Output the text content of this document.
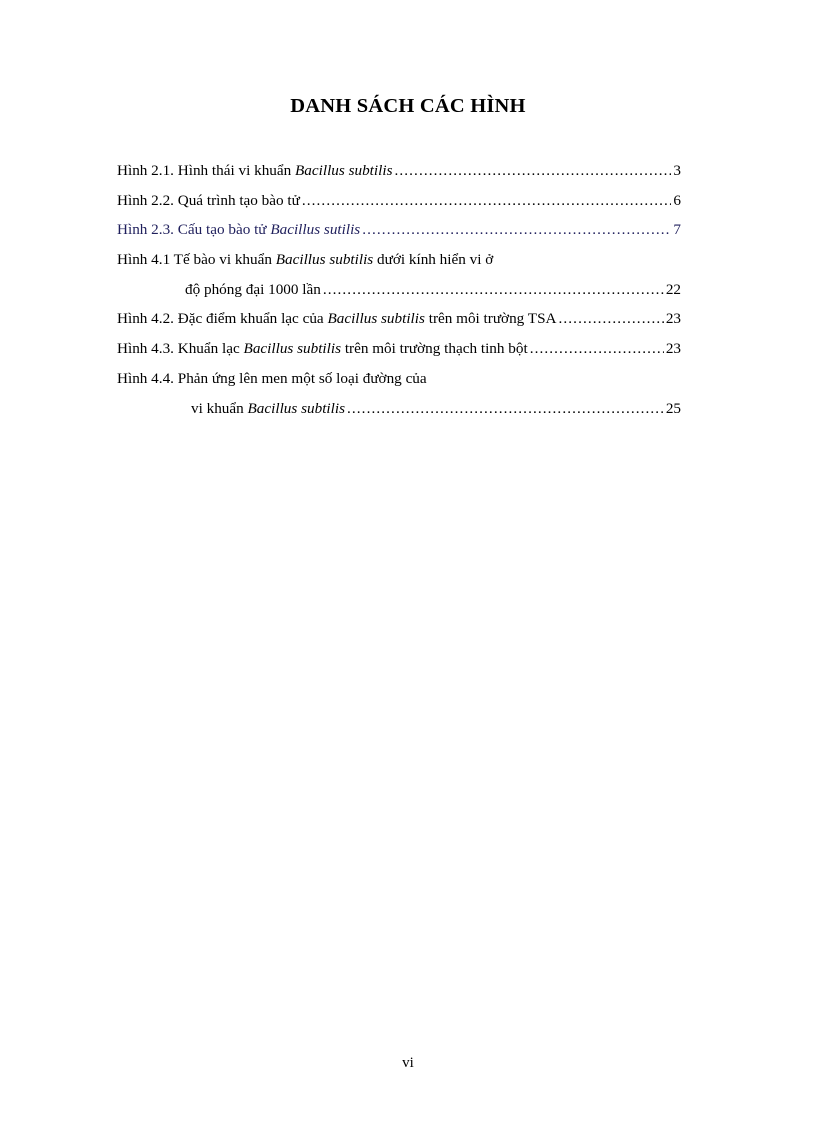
DANH SÁCH CÁC HÌNH
Hình 2.1. Hình thái vi khuẩn Bacillus subtilis . . .	3
Hình 2.2. Quá trình tạo bào tử . . .	6
Hình 2.3. Cấu tạo bào tử Bacillus sutilis . . .	7
Hình 4.1 Tế bào vi khuẩn Bacillus subtilis dưới kính hiển vi ở
độ phóng đại 1000 lần . . .	22
Hình 4.2. Đặc điểm khuẩn lạc của Bacillus subtilis trên môi trường TSA . . .	23
Hình 4.3. Khuẩn lạc Bacillus subtilis trên môi trường thạch tinh bột . . .	23
Hình 4.4. Phản ứng lên men một số loại đường của
vi khuẩn Bacillus subtilis . . .	25
vi
